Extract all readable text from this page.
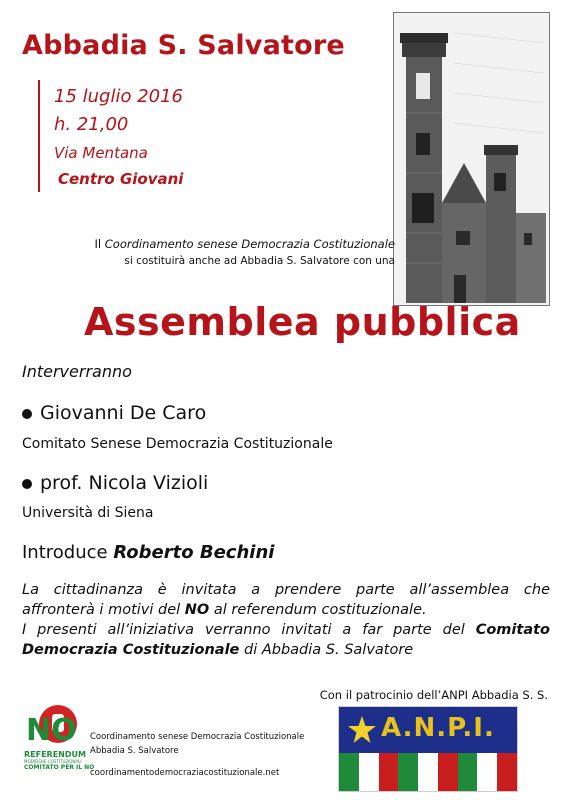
Abbadia S. Salvatore
15 luglio 2016
h. 21,00
Via Mentana
Centro Giovani
Il Coordinamento senese Democrazia Costituzionale
si costituirà anche ad Abbadia S. Salvatore con una
Assemblea pubblica
Interverranno
Giovanni De Caro
Comitato Senese Democrazia Costituzionale
prof. Nicola Vizioli
Università di Siena
Introduce Roberto Bechini

La cittadinanza è invitata a prendere parte all’assemblea che

affronterà i motivi del NO al referendum costituzionale.

I presenti all’iniziativa verranno invitati a far parte del Comitato

Democrazia Costituzionale di Abbadia S. Salvatore

Con il patrocinio dell’ANPI Abbadia S. S.
A.N.P.I.
NO
REFERENDUM
MODIFICHE COSTITUZIONALI
COMITATO PER IL NO
Coordinamento senese Democrazia Costituzionale
Abbadia S. Salvatore
coordinamentodemocraziacostituzionale.net
